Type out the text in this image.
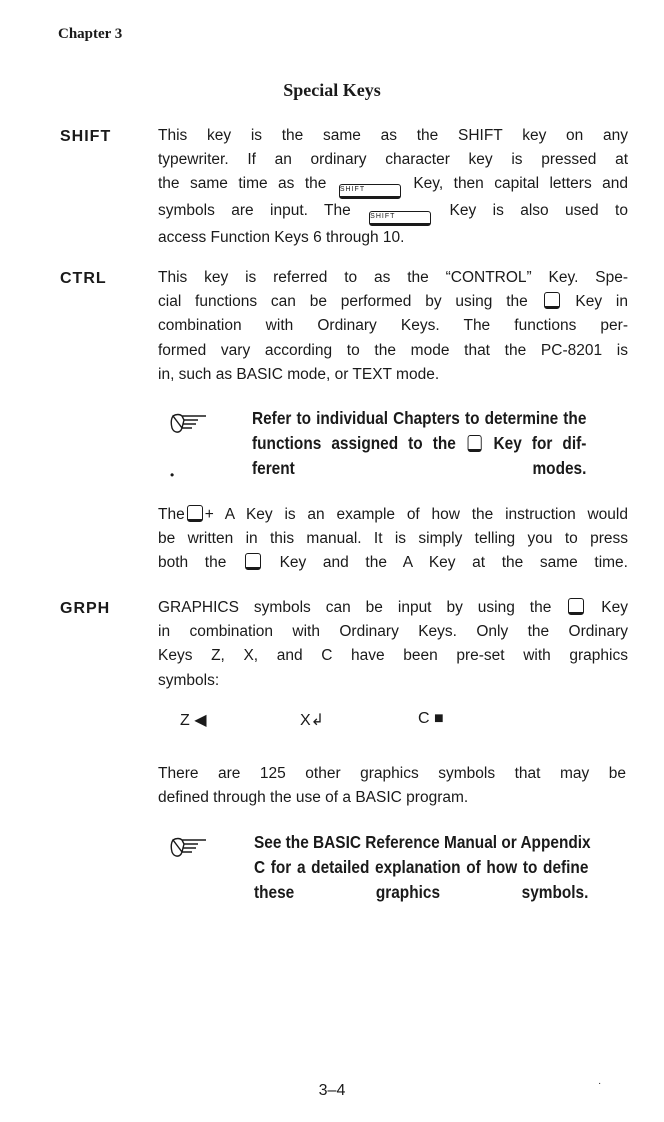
Chapter 3
Special Keys
SHIFT	This key is the same as the SHIFT key on any
typewriter. If an ordinary character key is pressed at
the same time as the SHIFT	Key, then capital letters and
symbols are input. The	SHIFT	Key is also used to
access Function Keys 6 through 10.
CTRL	This key is referred to as the “CONTROL” Key. Spe-
cial functions can be performed by using the	Key in
combination with Ordinary Keys. The functions per-
formed vary according to the mode that the PC-8201 is
in, such as BASIC mode, or TEXT mode.
Refer to individual Chapters to determine the
functions assigned to the Key for dif-
ferent modes.
•
The + A Key is an example of how the instruction would
be written in this manual. It is simply telling you to press
both the	Key and the A Key at the same time.
GRPH	GRAPHICS symbols can be input by using the	Key
in combination with Ordinary Keys. Only the Ordinary
Keys Z, X, and C have been pre-set with graphics
symbols:
Z ◀	X↲	C ■
There are 125 other graphics symbols that may be
defined through the use of a BASIC program.
See the BASIC Reference Manual or Appendix
C for a detailed explanation of how to define
these graphics symbols.
·
3–4
